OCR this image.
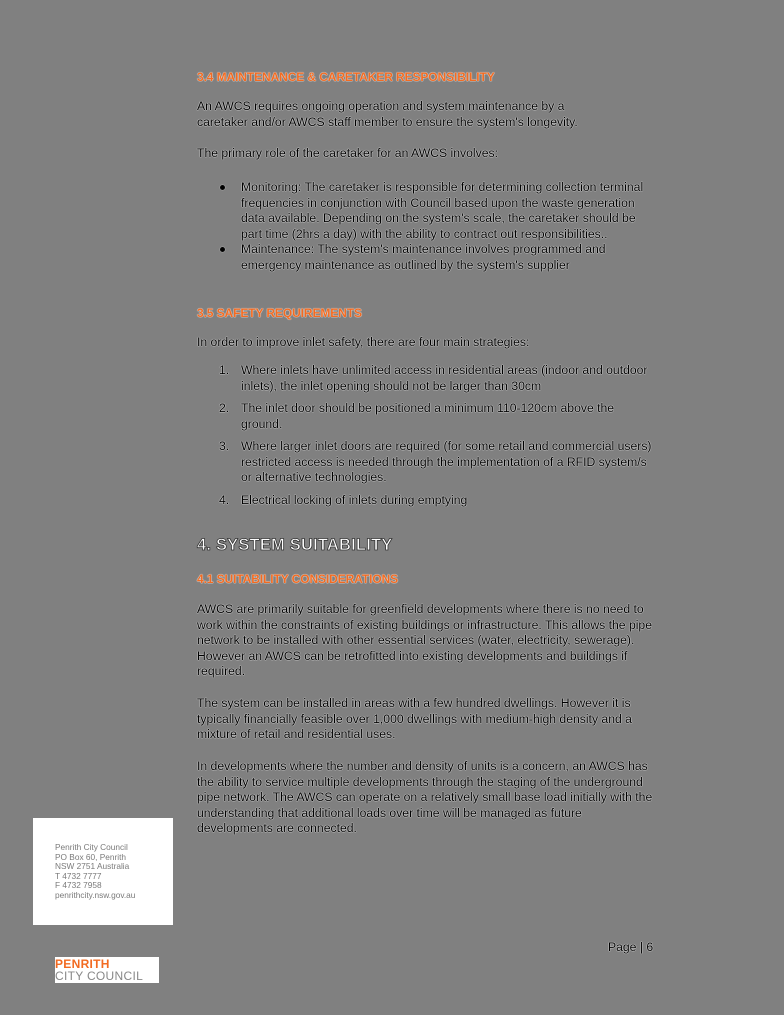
3.4 MAINTENANCE & CARETAKER RESPONSIBILITY
An AWCS requires ongoing operation and system maintenance by a caretaker and/or AWCS staff member to ensure the system's longevity.
The primary role of the caretaker for an AWCS involves:
Monitoring: The caretaker is responsible for determining collection terminal frequencies in conjunction with Council based upon the waste generation data available. Depending on the system's scale, the caretaker should be part time (2hrs a day) with the ability to contract out responsibilities..
Maintenance: The system's maintenance involves programmed and emergency maintenance as outlined by the system's supplier
3.5 SAFETY REQUIREMENTS
In order to improve inlet safety, there are four main strategies:
1. Where inlets have unlimited access in residential areas (indoor and outdoor inlets), the inlet opening should not be larger than 30cm
2. The inlet door should be positioned a minimum 110-120cm above the ground.
3. Where larger inlet doors are required (for some retail and commercial users) restricted access is needed through the implementation of a RFID system/s or alternative technologies.
4. Electrical locking of inlets during emptying
4. SYSTEM SUITABILITY
4.1 SUITABILITY CONSIDERATIONS
AWCS are primarily suitable for greenfield developments where there is no need to work within the constraints of existing buildings or infrastructure. This allows the pipe network to be installed with other essential services (water, electricity, sewerage). However an AWCS can be retrofitted into existing developments and buildings if required.
The system can be installed in areas with a few hundred dwellings. However it is typically financially feasible over 1,000 dwellings with medium-high density and a mixture of retail and residential uses.
In developments where the number and density of units is a concern, an AWCS has the ability to service multiple developments through the staging of the underground pipe network. The AWCS can operate on a relatively small base load initially with the understanding that additional loads over time will be managed as future developments are connected.
Penrith City Council
PO Box 60, Penrith
NSW 2751 Australia
T 4732 7777
F 4732 7958
penrithcity.nsw.gov.au
PENRITH
CITY COUNCIL
Page | 6
